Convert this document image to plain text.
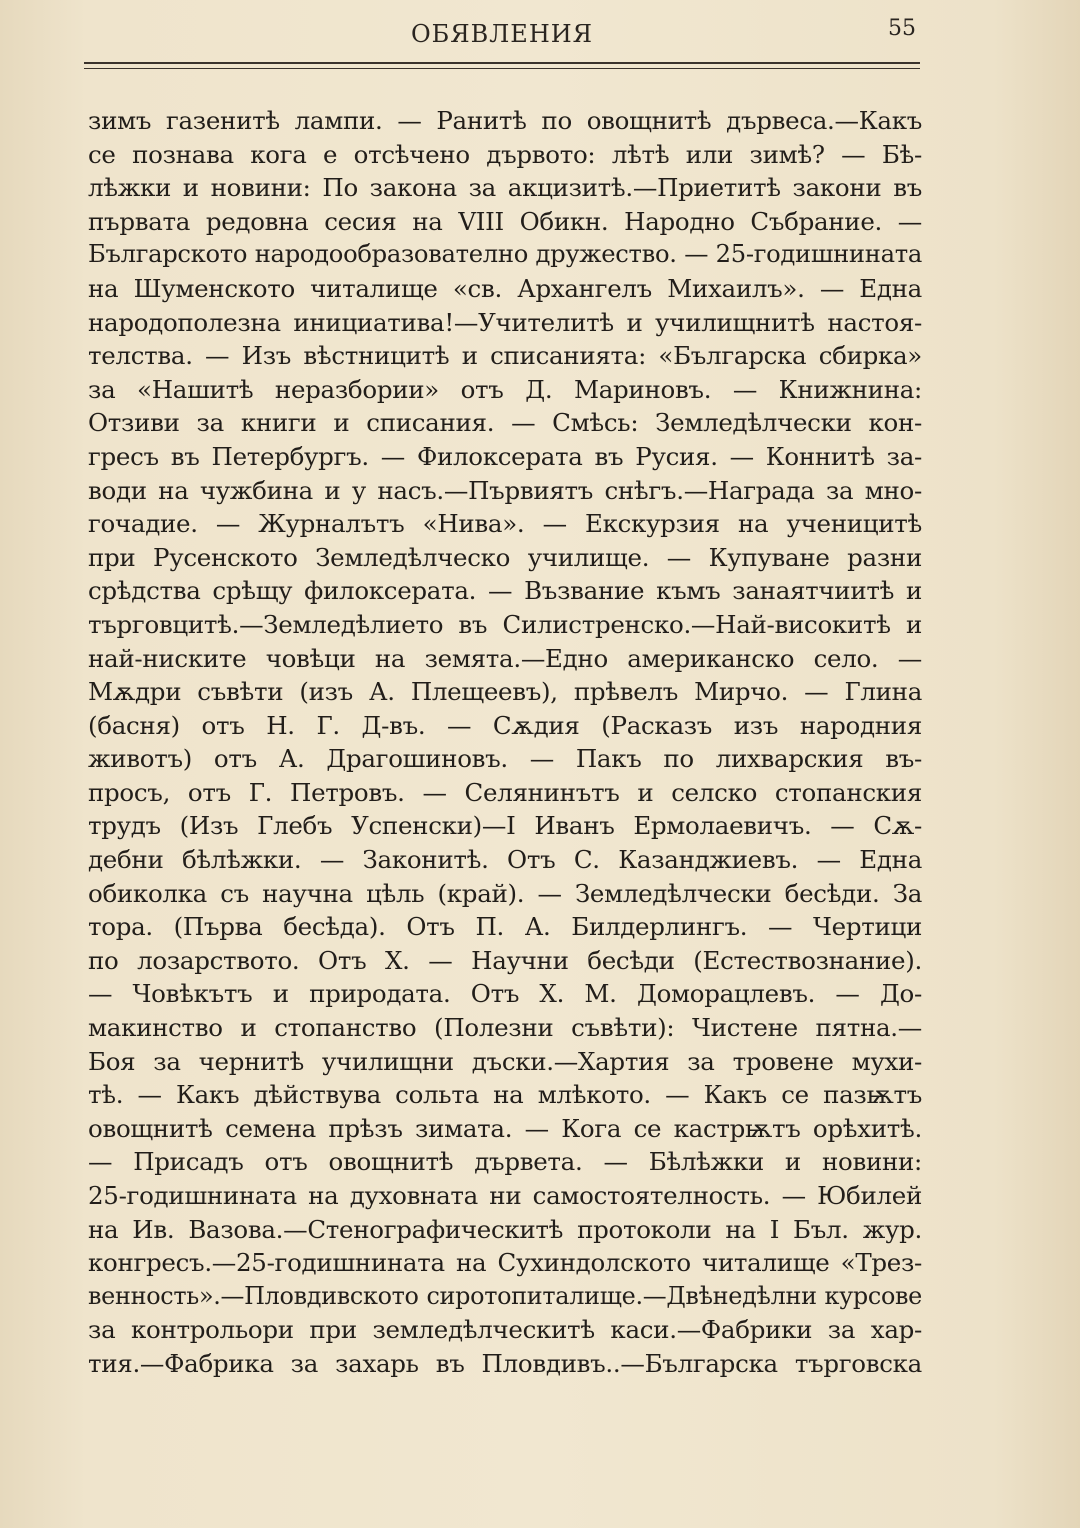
ОБЯВЛЕНИЯ	55
зимъ газенитѣ лампи. — Ранитѣ по овощнитѣ дървеса.—Какъ
се познава кога е отсѣчено дървото: лѣтѣ или зимѣ? — Бѣ-
лѣжки и новини: По закона за акцизитѣ.—Приетитѣ закони въ
първата редовна сесия на VIII Обикн. Народно Събрание. —
Българското народообразователно дружество. — 25-годишнината
на Шуменското читалище «св. Архангелъ Михаилъ». — Една
народополезна инициатива!—Учителитѣ и училищнитѣ настоя-
телства. — Изъ вѣстницитѣ и списанията: «Българска сбирка»
за «Нашитѣ неразбории» отъ Д. Мариновъ. — Книжнина:
Отзиви за книги и списания. — Смѣсь: Земледѣлчески кон-
гресъ въ Петербургъ. — Филоксерата въ Русия. — Коннитѣ за-
води на чужбина и у насъ.—Първиятъ снѣгъ.—Награда за мно-
гочадие. — Журналътъ «Нива». — Екскурзия на ученицитѣ
при Русенското Земледѣлческо училище. — Купуване разни
срѣдства срѣщу филоксерата. — Възвание къмъ занаятчиитѣ и
търговцитѣ.—Земледѣлието въ Силистренско.—Най-високитѣ и
най-ниските човѣци на земята.—Едно американско село. —
Мѫдри съвѣти (изъ А. Плещеевъ), прѣвелъ Мирчо. — Глина
(басня) отъ Н. Г. Д-въ. — Сѫдия (Расказъ изъ народния
животъ) отъ А. Драгошиновъ. — Пакъ по лихварския въ-
просъ, отъ Г. Петровъ. — Селянинътъ и селско стопанския
трудъ (Изъ Глебъ Успенски)—I Иванъ Ермолаевичъ. — Сѫ-
дебни бѣлѣжки. — Законитѣ. Отъ С. Казанджиевъ. — Една
обиколка съ научна цѣль (край). — Земледѣлчески бесѣди. За
тора. (Първа бесѣда). Отъ П. А. Билдерлингъ. — Чертици
по лозарството. Отъ Х. — Научни бесѣди (Естествознание).
— Човѣкътъ и природата. Отъ Х. М. Доморацлевъ. — До-
макинство и стопанство (Полезни съвѣти): Чистене пятна.—
Боя за чернитѣ училищни дъски.—Хартия за тровене мухи-
тѣ. — Какъ дѣйствува сольта на млѣкото. — Какъ се пазѭтъ
овощнитѣ семена прѣзъ зимата. — Кога се кастрѭтъ орѣхитѣ.
— Присадъ отъ овощнитѣ дървета. — Бѣлѣжки и новини:
25-годишнината на духовната ни самостоятелность. — Юбилей
на Ив. Вазова.—Стенографическитѣ протоколи на I Бъл. жур.
конгресъ.—25-годишнината на Сухиндолското читалище «Трез-
венность».—Пловдивското сиротопиталище.—Двѣнедѣлни курсове
за контрольори при земледѣлческитѣ каси.—Фабрики за хар-
тия.—Фабрика за захарь въ Пловдивъ..—Българска търговска
